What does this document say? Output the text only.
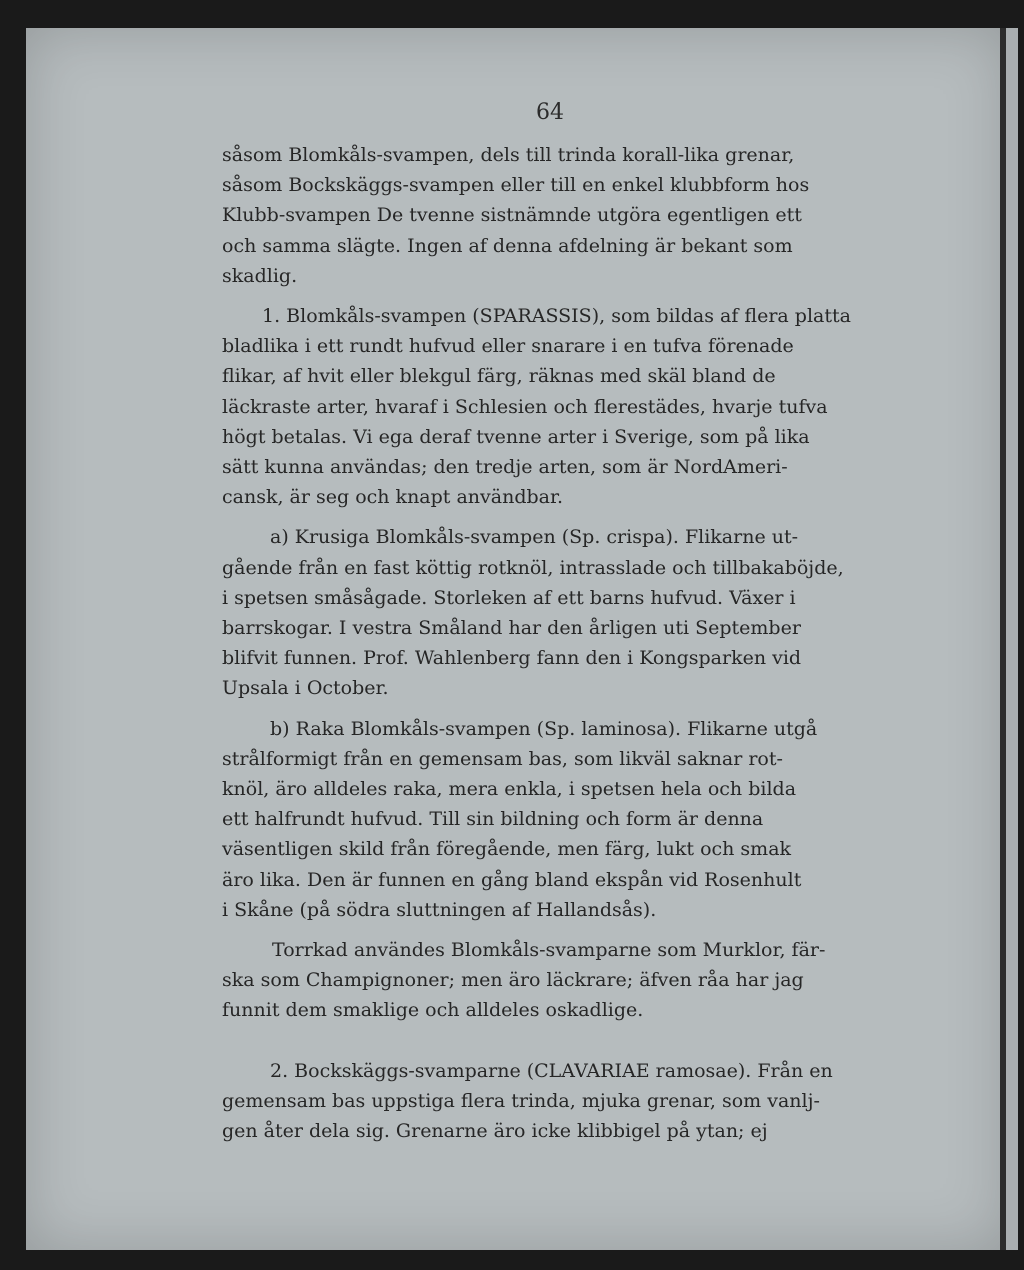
64
såsom Blomkåls-svampen, dels till trinda korall-lika grenar,
såsom Bockskäggs-svampen eller till en enkel klubbform hos
Klubb-svampen De tvenne sistnämnde utgöra egentligen ett
och samma slägte. Ingen af denna afdelning är bekant som
skadlig.
1. Blomkåls-svampen (SPARASSIS), som bildas af flera platta
bladlika i ett rundt hufvud eller snarare i en tufva förenade
flikar, af hvit eller blekgul färg, räknas med skäl bland de
läckraste arter, hvaraf i Schlesien och flerestädes, hvarje tufva
högt betalas. Vi ega deraf tvenne arter i Sverige, som på lika
sätt kunna användas; den tredje arten, som är NordAmeri-
cansk, är seg och knapt användbar.
a) Krusiga Blomkåls-svampen (Sp. crispa). Flikarne ut-
gående från en fast köttig rotknöl, intrasslade och tillbakaböjde,
i spetsen småsågade. Storleken af ett barns hufvud. Växer i
barrskogar. I vestra Småland har den årligen uti September
blifvit funnen. Prof. Wahlenberg fann den i Kongsparken vid
Upsala i October.
b) Raka Blomkåls-svampen (Sp. laminosa). Flikarne utgå
strålformigt från en gemensam bas, som likväl saknar rot-
knöl, äro alldeles raka, mera enkla, i spetsen hela och bilda
ett halfrundt hufvud. Till sin bildning och form är denna
väsentligen skild från föregående, men färg, lukt och smak
äro lika. Den är funnen en gång bland ekspån vid Rosenhult
i Skåne (på södra sluttningen af Hallandsås).
Torrkad användes Blomkåls-svamparne som Murklor, fär-
ska som Champignoner; men äro läckrare; äfven råa har jag
funnit dem smaklige och alldeles oskadlige.
2. Bockskäggs-svamparne (CLAVARIAE ramosae). Från en
gemensam bas uppstiga flera trinda, mjuka grenar, som vanlj-
gen åter dela sig. Grenarne äro icke klibbigel på ytan; ej
